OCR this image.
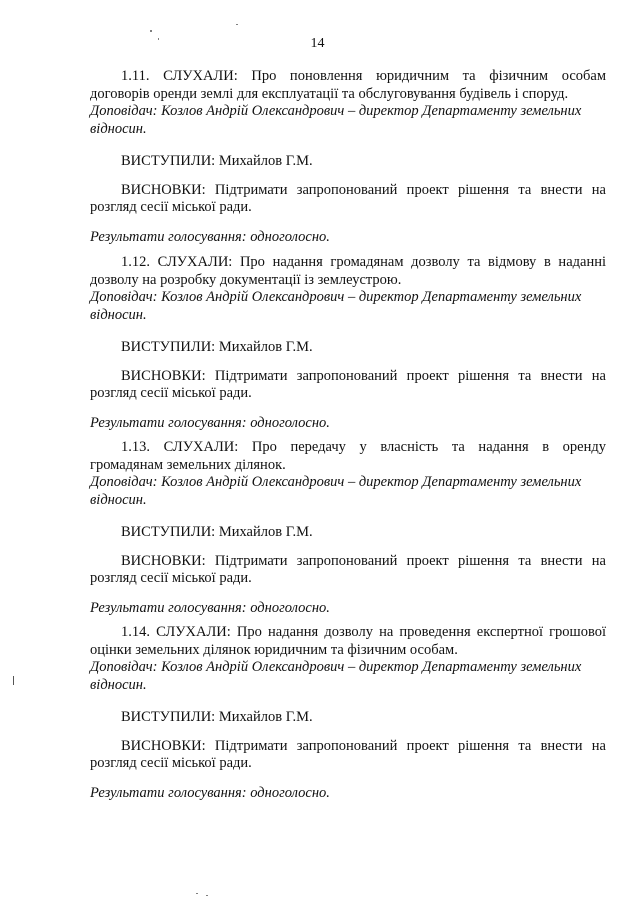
14
1.11. СЛУХАЛИ: Про поновлення юридичним та фізичним особам
договорів оренди землі для експлуатації та обслуговування будівель і споруд.
Доповідач: Козлов Андрій Олександрович – директор Департаменту земельних
відносин.
ВИСТУПИЛИ: Михайлов Г.М.
ВИСНОВКИ: Підтримати запропонований проект рішення та внести на
розгляд сесії міської ради.
Результати голосування: одноголосно.
1.12. СЛУХАЛИ: Про надання громадянам дозволу та відмову в наданні
дозволу на розробку документації із землеустрою.
Доповідач: Козлов Андрій Олександрович – директор Департаменту земельних
відносин.
ВИСТУПИЛИ: Михайлов Г.М.
ВИСНОВКИ: Підтримати запропонований проект рішення та внести на
розгляд сесії міської ради.
Результати голосування: одноголосно.
1.13. СЛУХАЛИ: Про передачу у власність та надання в оренду
громадянам земельних ділянок.
Доповідач: Козлов Андрій Олександрович – директор Департаменту земельних
відносин.
ВИСТУПИЛИ: Михайлов Г.М.
ВИСНОВКИ: Підтримати запропонований проект рішення та внести на
розгляд сесії міської ради.
Результати голосування: одноголосно.
1.14. СЛУХАЛИ: Про надання дозволу на проведення експертної грошової
оцінки земельних ділянок юридичним та фізичним особам.
Доповідач: Козлов Андрій Олександрович – директор Департаменту земельних
відносин.
ВИСТУПИЛИ: Михайлов Г.М.
ВИСНОВКИ: Підтримати запропонований проект рішення та внести на
розгляд сесії міської ради.
Результати голосування: одноголосно.
